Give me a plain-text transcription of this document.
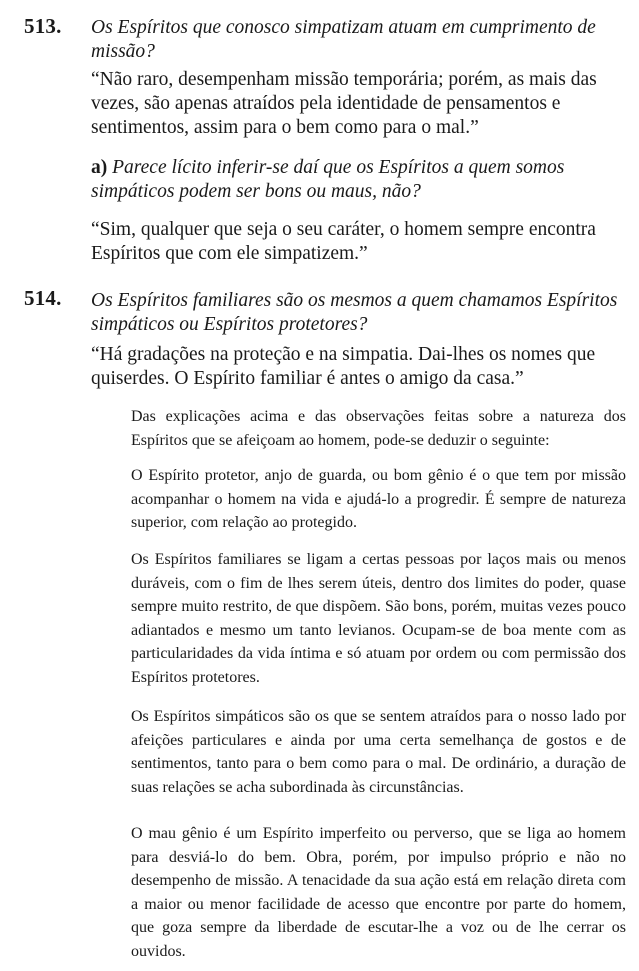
513. Os Espíritos que conosco simpatizam atuam em cumprimento de missão?

“Não raro, desempenham missão temporária; porém, as mais das vezes, são apenas atraídos pela identidade de pensamentos e sentimentos, assim para o bem como para o mal.”

a) Parece lícito inferir-se daí que os Espíritos a quem somos simpáticos podem ser bons ou maus, não?

“Sim, qualquer que seja o seu caráter, o homem sempre encontra Espíritos que com ele simpatizem.”

514. Os Espíritos familiares são os mesmos a quem chamamos Espíritos simpáticos ou Espíritos protetores?

“Há gradações na proteção e na simpatia. Dai-lhes os nomes que quiserdes. O Espírito familiar é antes o amigo da casa.”

Das explicações acima e das observações feitas sobre a natureza dos Espíritos que se afeiçoam ao homem, pode-se deduzir o seguinte:

O Espírito protetor, anjo de guarda, ou bom gênio é o que tem por missão acompanhar o homem na vida e ajudá-lo a progredir. É sempre de natureza superior, com relação ao protegido.

Os Espíritos familiares se ligam a certas pessoas por laços mais ou menos duráveis, com o fim de lhes serem úteis, dentro dos limites do poder, quase sempre muito restrito, de que dispõem. São bons, porém, muitas vezes pouco adiantados e mesmo um tanto levianos. Ocupam-se de boa mente com as particularidades da vida íntima e só atuam por ordem ou com permissão dos Espíritos protetores.

Os Espíritos simpáticos são os que se sentem atraídos para o nosso lado por afeições particulares e ainda por uma certa semelhança de gostos e de sentimentos, tanto para o bem como para o mal. De ordinário, a duração de suas relações se acha subordinada às circunstâncias.

O mau gênio é um Espírito imperfeito ou perverso, que se liga ao homem para desviá-lo do bem. Obra, porém, por impulso próprio e não no desempenho de missão. A tenacidade da sua ação está em relação direta com a maior ou menor facilidade de acesso que encontre por parte do homem, que goza sempre da liberdade de escutar-lhe a voz ou de lhe cerrar os ouvidos.
